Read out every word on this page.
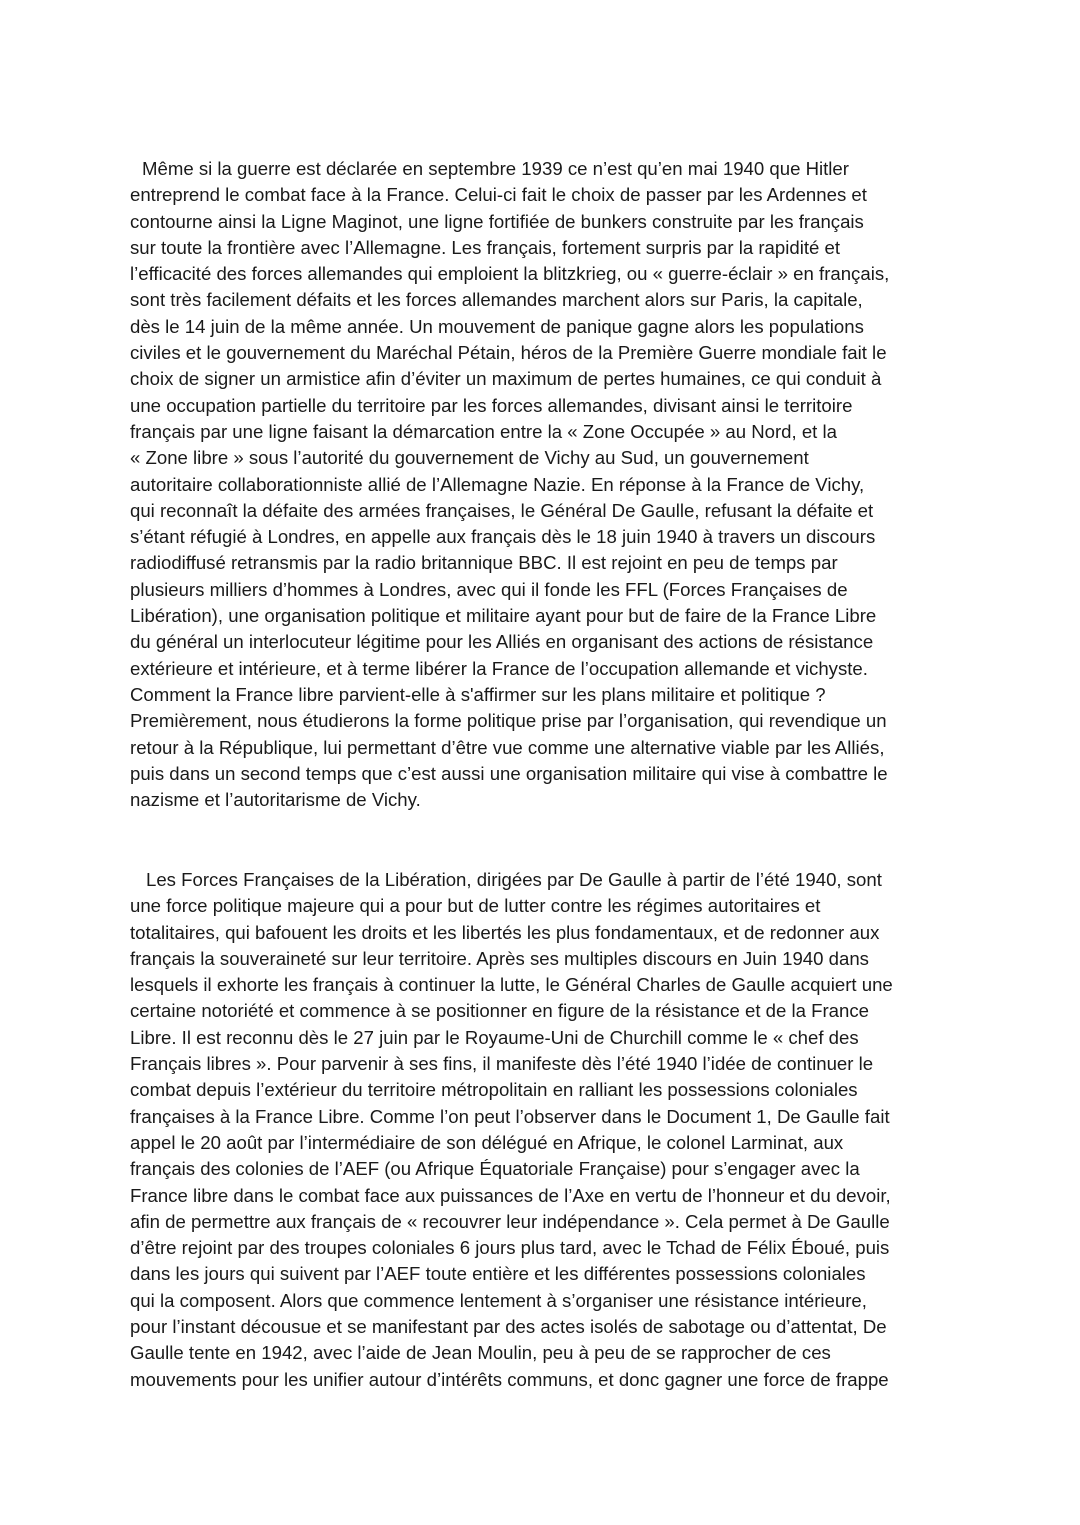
Même si la guerre est déclarée en septembre 1939 ce n’est qu’en mai 1940 que Hitler
entreprend le combat face à la France. Celui-ci fait le choix de passer par les Ardennes et
contourne ainsi la Ligne Maginot, une ligne fortifiée de bunkers construite par les français
sur toute la frontière avec l’Allemagne. Les français, fortement surpris par la rapidité et
l’efficacité des forces allemandes qui emploient la blitzkrieg, ou « guerre-éclair » en français,
sont très facilement défaits et les forces allemandes marchent alors sur Paris, la capitale,
dès le 14 juin de la même année. Un mouvement de panique gagne alors les populations
civiles et le gouvernement du Maréchal Pétain, héros de la Première Guerre mondiale fait le
choix de signer un armistice afin d’éviter un maximum de pertes humaines, ce qui conduit à
une occupation partielle du territoire par les forces allemandes, divisant ainsi le territoire
français par une ligne faisant la démarcation entre la « Zone Occupée » au Nord, et la
« Zone libre » sous l’autorité du gouvernement de Vichy au Sud, un gouvernement
autoritaire collaborationniste allié de l’Allemagne Nazie. En réponse à la France de Vichy,
qui reconnaît la défaite des armées françaises, le Général De Gaulle, refusant la défaite et
s’étant réfugié à Londres, en appelle aux français dès le 18 juin 1940 à travers un discours
radiodiffusé retransmis par la radio britannique BBC. Il est rejoint en peu de temps par
plusieurs milliers d’hommes à Londres, avec qui il fonde les FFL (Forces Françaises de
Libération), une organisation politique et militaire ayant pour but de faire de la France Libre
du général un interlocuteur légitime pour les Alliés en organisant des actions de résistance
extérieure et intérieure, et à terme libérer la France de l’occupation allemande et vichyste.
Comment la France libre parvient-elle à s'affirmer sur les plans militaire et politique ?
Premièrement, nous étudierons la forme politique prise par l’organisation, qui revendique un
retour à la République, lui permettant d’être vue comme une alternative viable par les Alliés,
puis dans un second temps que c’est aussi une organisation militaire qui vise à combattre le
nazisme et l’autoritarisme de Vichy.
Les Forces Françaises de la Libération, dirigées par De Gaulle à partir de l’été 1940, sont
une force politique majeure qui a pour but de lutter contre les régimes autoritaires et
totalitaires, qui bafouent les droits et les libertés les plus fondamentaux, et de redonner aux
français la souveraineté sur leur territoire. Après ses multiples discours en Juin 1940 dans
lesquels il exhorte les français à continuer la lutte, le Général Charles de Gaulle acquiert une
certaine notoriété et commence à se positionner en figure de la résistance et de la France
Libre. Il est reconnu dès le 27 juin par le Royaume-Uni de Churchill comme le « chef des
Français libres ». Pour parvenir à ses fins, il manifeste dès l’été 1940 l’idée de continuer le
combat depuis l’extérieur du territoire métropolitain en ralliant les possessions coloniales
françaises à la France Libre. Comme l’on peut l’observer dans le Document 1, De Gaulle fait
appel le 20 août par l’intermédiaire de son délégué en Afrique, le colonel Larminat, aux
français des colonies de l’AEF (ou Afrique Équatoriale Française) pour s’engager avec la
France libre dans le combat face aux puissances de l’Axe en vertu de l’honneur et du devoir,
afin de permettre aux français de « recouvrer leur indépendance ». Cela permet à De Gaulle
d’être rejoint par des troupes coloniales 6 jours plus tard, avec le Tchad de Félix Éboué, puis
dans les jours qui suivent par l’AEF toute entière et les différentes possessions coloniales
qui la composent. Alors que commence lentement à s’organiser une résistance intérieure,
pour l’instant décousue et se manifestant par des actes isolés de sabotage ou d’attentat, De
Gaulle tente en 1942, avec l’aide de Jean Moulin, peu à peu de se rapprocher de ces
mouvements pour les unifier autour d’intérêts communs, et donc gagner une force de frappe
